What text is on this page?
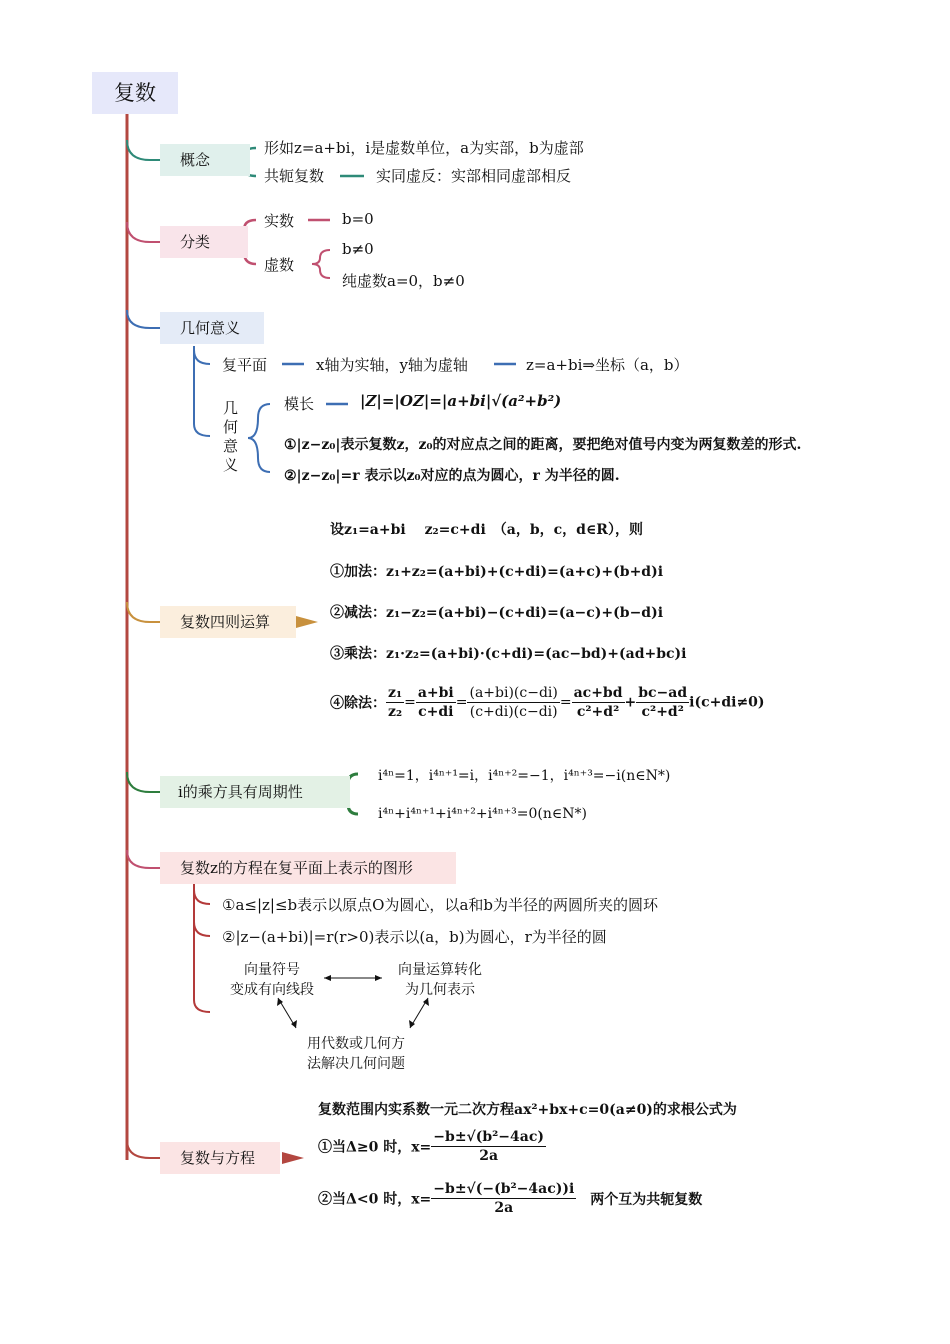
复数
概念
形如z=a+bi，i是虚数单位，a为实部，b为虚部
共轭复数	实同虚反：实部相同虚部相反
分类
实数	b=0
虚数
b≠0
纯虚数a=0，b≠0
几何意义
复平面	x轴为实轴，y轴为虚轴	z=a+bi⇒坐标（a，b）
几何意义	模长	|Z|=|OZ|=|a+bi|√(a²+b²)
①|z−z₀|表示复数z，z₀的对应点之间的距离，要把绝对值号内变为两复数差的形式.
②|z−z₀|=r 表示以z₀对应的点为圆心，r 为半径的圆.
复数四则运算
设z₁=a+bi　 z₂=c+di　（a，b，c，d∈R），则
①加法：z₁+z₂=(a+bi)+(c+di)=(a+c)+(b+d)i
②减法：z₁−z₂=(a+bi)−(c+di)=(a−c)+(b−d)i
③乘法：z₁·z₂=(a+bi)·(c+di)=(ac−bd)+(ad+bc)i
④除法： $\frac{\text{z₁}}{\text{z₂}} = \frac{a+bi}{c+di} = \frac{(a+bi)(c-di)}{(c+di)(c-di)} = \frac{ac+bd}{\text{c²+d²}} + \frac{bc-ad}{\text{c²+d²}} i(c+di\ne 0)$
i的乘方具有周期性
i⁴ⁿ=1，i⁴ⁿ⁺¹=i，i⁴ⁿ⁺²=−1，i⁴ⁿ⁺³=−i(n∈N*)
i⁴ⁿ+i⁴ⁿ⁺¹+i⁴ⁿ⁺²+i⁴ⁿ⁺³=0(n∈N*)
复数z的方程在复平面上表示的图形
①a≤|z|≤b表示以原点O为圆心，以a和b为半径的两圆所夹的圆环
②|z−(a+bi)|=r(r>0)表示以(a，b)为圆心，r为半径的圆
向量符号
变成有向线段
向量运算转化
为几何表示
用代数或几何方
法解决几何问题
复数与方程
复数范围内实系数一元二次方程ax²+bx+c=0(a≠0)的求根公式为
①当Δ≥0 时，$x= \frac{\text{−b±√(b²−4ac)}}{2a}$
②当Δ<0 时，$x= \frac{\text{−b±√(−(b²−4ac))i}}{2a}$ 两个互为共轭复数
